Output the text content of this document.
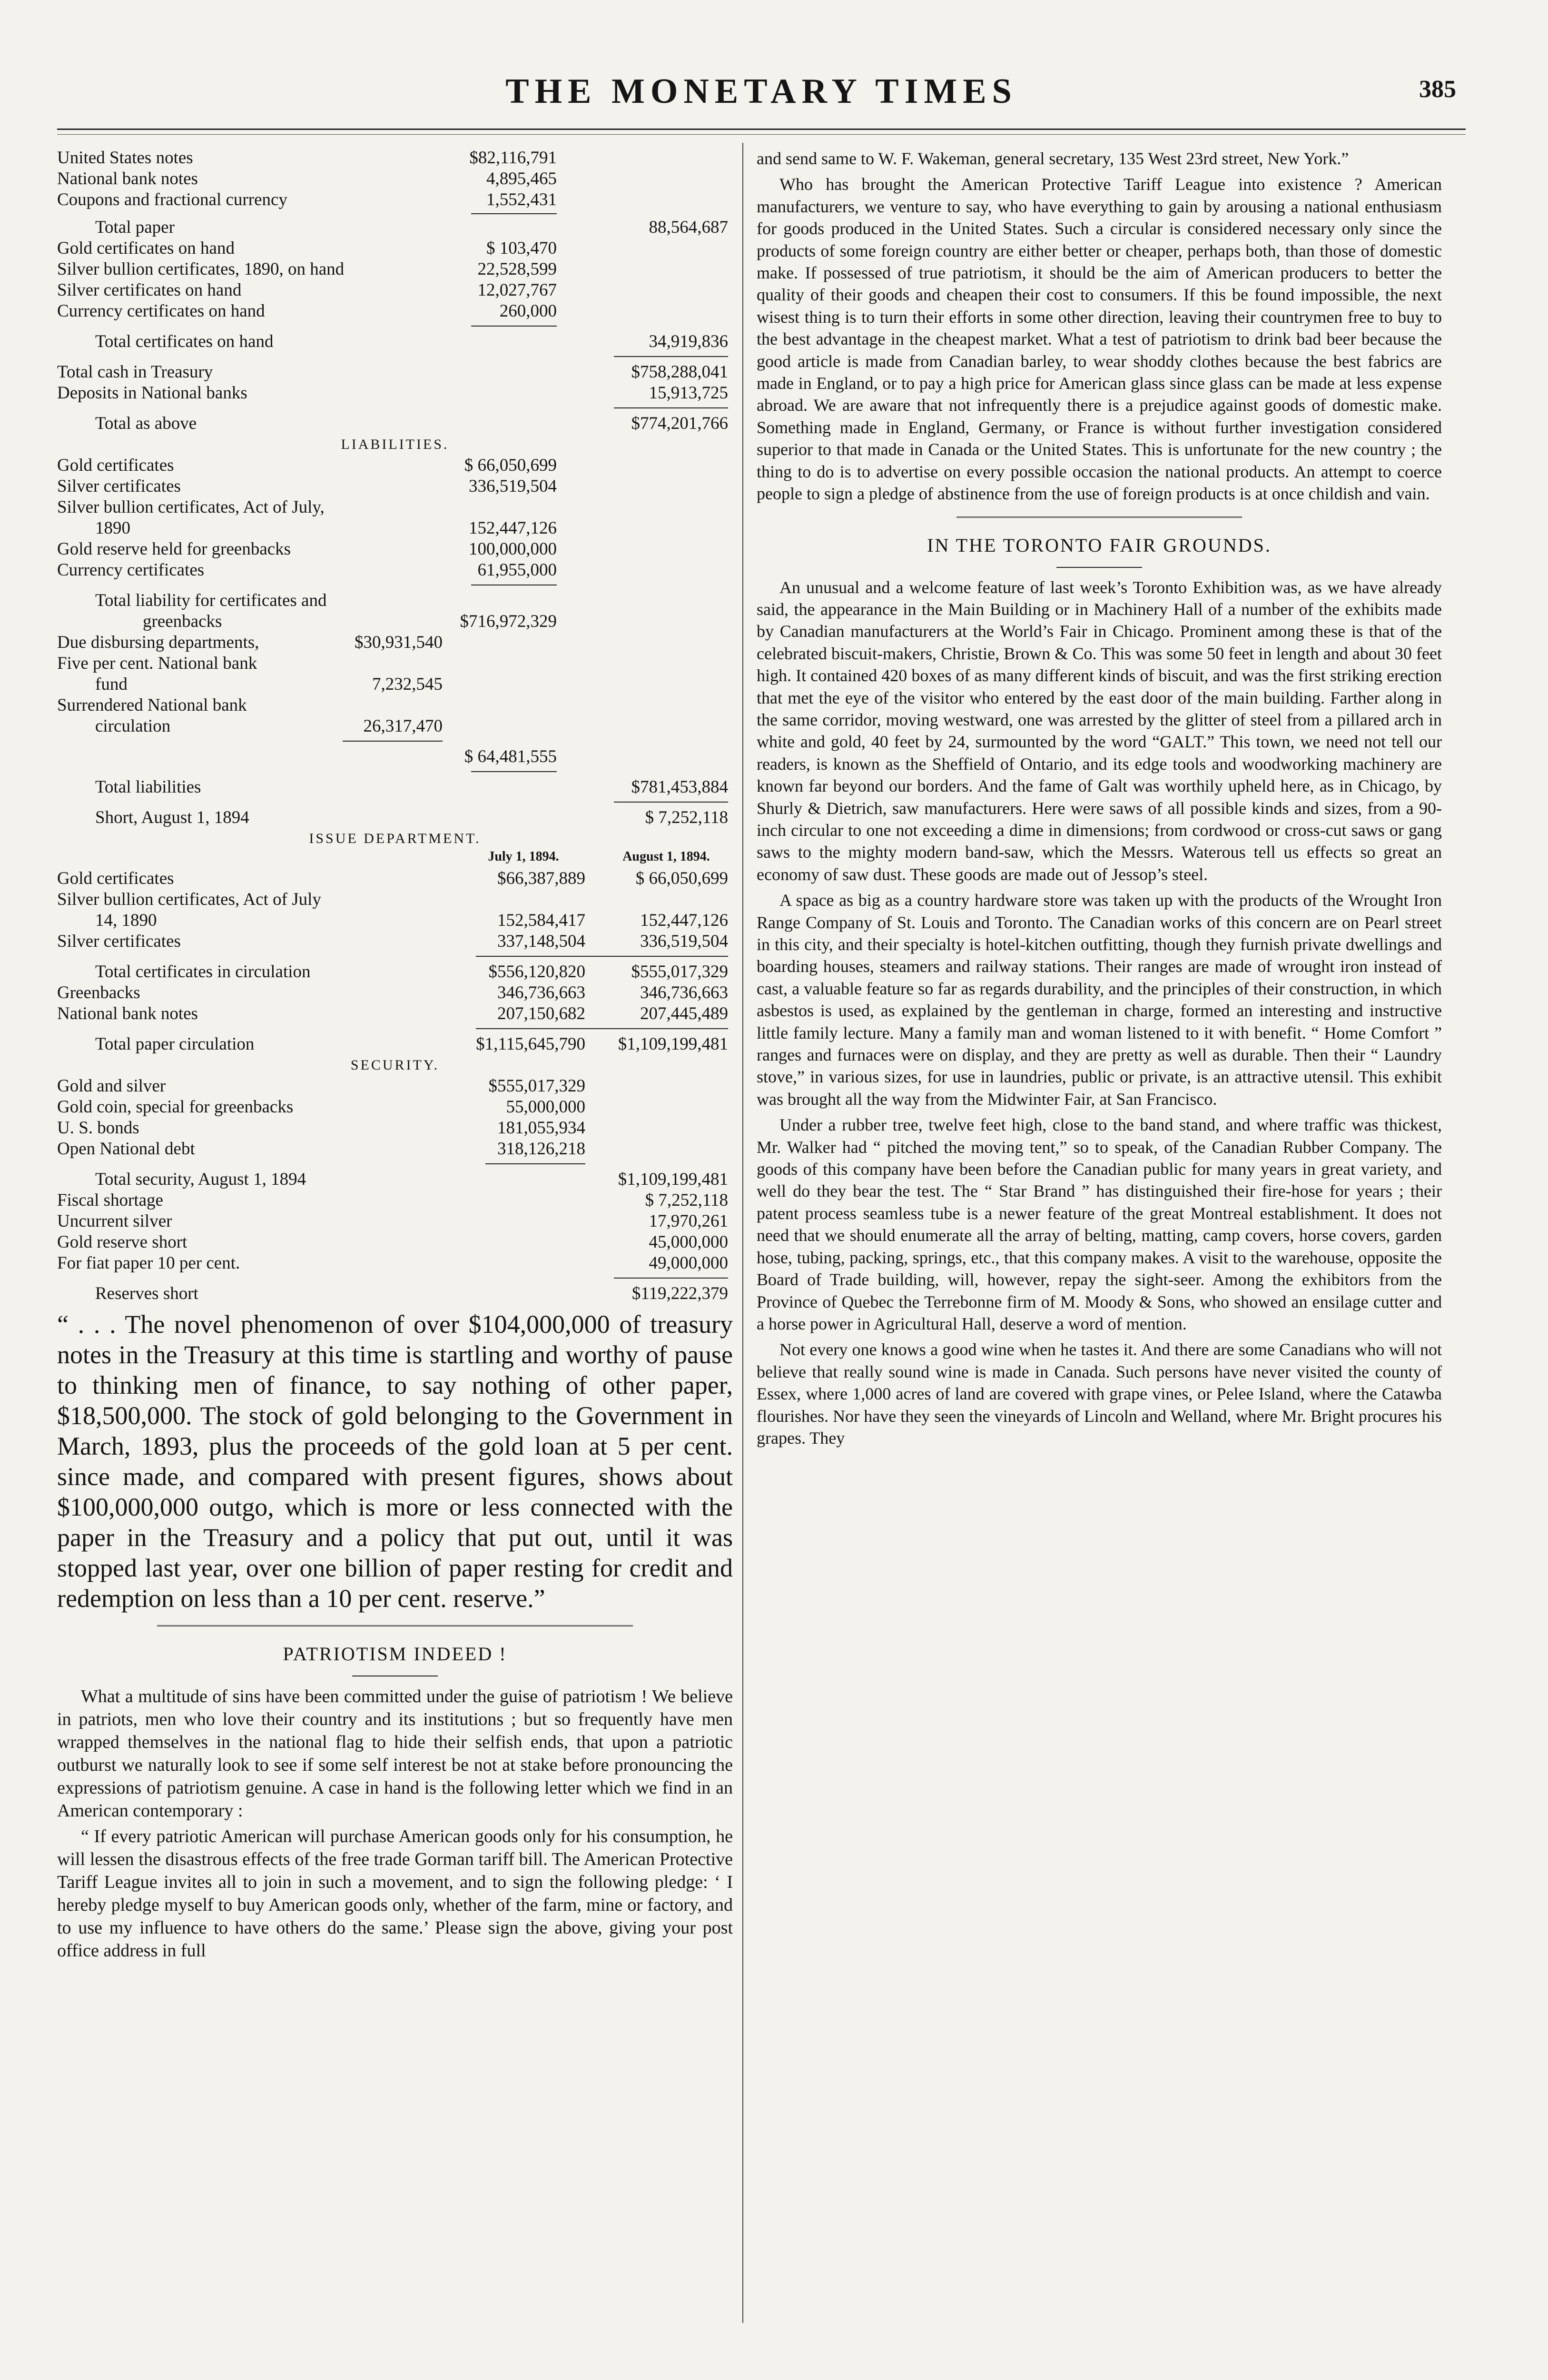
THE MONETARY TIMES	385
United States notes	$82,116,791
National bank notes	4,895,465
Coupons and fractional currency	1,552,431
Total paper	88,564,687
Gold certificates on hand	$ 103,470
Silver bullion certificates, 1890, on hand	22,528,599
Silver certificates on hand	12,027,767
Currency certificates on hand	260,000
Total certificates on hand	34,919,836
Total cash in Treasury	$758,288,041
Deposits in National banks	15,913,725
Total as above	$774,201,766
LIABILITIES.
Gold certificates	$ 66,050,699
Silver certificates	336,519,504
Silver bullion certificates, Act of July,
1890	152,447,126
Gold reserve held for greenbacks	100,000,000
Currency certificates	61,955,000
Total liability for certificates and
greenbacks	$716,972,329
Due disbursing departments,	$30,931,540
Five per cent. National bank
fund	7,232,545
Surrendered National bank
circulation	26,317,470
$ 64,481,555
Total liabilities	$781,453,884
Short, August 1, 1894	$ 7,252,118
ISSUE DEPARTMENT.
July 1, 1894.	August 1, 1894.
Gold certificates	$66,387,889	$ 66,050,699
Silver bullion certificates, Act of July
14, 1890	152,584,417	152,447,126
Silver certificates	337,148,504	336,519,504
Total certificates in circulation	$556,120,820	$555,017,329
Greenbacks	346,736,663	346,736,663
National bank notes	207,150,682	207,445,489
Total paper circulation	$1,115,645,790	$1,109,199,481
SECURITY.
Gold and silver	$555,017,329
Gold coin, special for greenbacks	55,000,000
U. S. bonds	181,055,934
Open National debt	318,126,218
Total security, August 1, 1894	$1,109,199,481
Fiscal shortage	$ 7,252,118
Uncurrent silver	17,970,261
Gold reserve short	45,000,000
For fiat paper 10 per cent.	49,000,000
Reserves short	$119,222,379
“ . . . The novel phenomenon of over $104,000,000 of treasury notes in the Treasury at this time is startling and worthy of pause to thinking men of finance, to say nothing of other paper, $18,500,000. The stock of gold belonging to the Government in March, 1893, plus the proceeds of the gold loan at 5 per cent. since made, and compared with present figures, shows about $100,000,000 outgo, which is more or less connected with the paper in the Treasury and a policy that put out, until it was stopped last year, over one billion of paper resting for credit and redemption on less than a 10 per cent. reserve.”
PATRIOTISM INDEED !

What a multitude of sins have been committed under the guise of patriotism ! We believe in patriots, men who love their country and its institutions ; but so frequently have men wrapped themselves in the national flag to hide their selfish ends, that upon a patriotic outburst we naturally look to see if some self interest be not at stake before pronouncing the expressions of patriotism genuine. A case in hand is the following letter which we find in an American contemporary :

“ If every patriotic American will purchase American goods only for his consumption, he will lessen the disastrous effects of the free trade Gorman tariff bill. The American Protective Tariff League invites all to join in such a movement, and to sign the following pledge: ‘ I hereby pledge myself to buy American goods only, whether of the farm, mine or factory, and to use my influence to have others do the same.’ Please sign the above, giving your post office address in full

and send same to W. F. Wakeman, general secretary, 135 West 23rd street, New York.”

Who has brought the American Protective Tariff League into existence ? American manufacturers, we venture to say, who have everything to gain by arousing a national enthusiasm for goods produced in the United States. Such a circular is considered necessary only since the products of some foreign country are either better or cheaper, perhaps both, than those of domestic make. If possessed of true patriotism, it should be the aim of American producers to better the quality of their goods and cheapen their cost to consumers. If this be found impossible, the next wisest thing is to turn their efforts in some other direction, leaving their countrymen free to buy to the best advantage in the cheapest market. What a test of patriotism to drink bad beer because the good article is made from Canadian barley, to wear shoddy clothes because the best fabrics are made in England, or to pay a high price for American glass since glass can be made at less expense abroad. We are aware that not infrequently there is a prejudice against goods of domestic make. Something made in England, Germany, or France is without further investigation considered superior to that made in Canada or the United States. This is unfortunate for the new country ; the thing to do is to advertise on every possible occasion the national products. An attempt to coerce people to sign a pledge of abstinence from the use of foreign products is at once childish and vain.

IN THE TORONTO FAIR GROUNDS.

An unusual and a welcome feature of last week’s Toronto Exhibition was, as we have already said, the appearance in the Main Building or in Machinery Hall of a number of the exhibits made by Canadian manufacturers at the World’s Fair in Chicago. Prominent among these is that of the celebrated biscuit-makers, Christie, Brown & Co. This was some 50 feet in length and about 30 feet high. It contained 420 boxes of as many different kinds of biscuit, and was the first striking erection that met the eye of the visitor who entered by the east door of the main building. Farther along in the same corridor, moving westward, one was arrested by the glitter of steel from a pillared arch in white and gold, 40 feet by 24, surmounted by the word “GALT.” This town, we need not tell our readers, is known as the Sheffield of Ontario, and its edge tools and woodworking machinery are known far beyond our borders. And the fame of Galt was worthily upheld here, as in Chicago, by Shurly & Dietrich, saw manufacturers. Here were saws of all possible kinds and sizes, from a 90-inch circular to one not exceeding a dime in dimensions; from cordwood or cross-cut saws or gang saws to the mighty modern band-saw, which the Messrs. Waterous tell us effects so great an economy of saw dust. These goods are made out of Jessop’s steel.

A space as big as a country hardware store was taken up with the products of the Wrought Iron Range Company of St. Louis and Toronto. The Canadian works of this concern are on Pearl street in this city, and their specialty is hotel-kitchen outfitting, though they furnish private dwellings and boarding houses, steamers and railway stations. Their ranges are made of wrought iron instead of cast, a valuable feature so far as regards durability, and the principles of their construction, in which asbestos is used, as explained by the gentleman in charge, formed an interesting and instructive little family lecture. Many a family man and woman listened to it with benefit. “ Home Comfort ” ranges and furnaces were on display, and they are pretty as well as durable. Then their “ Laundry stove,” in various sizes, for use in laundries, public or private, is an attractive utensil. This exhibit was brought all the way from the Midwinter Fair, at San Francisco.

Under a rubber tree, twelve feet high, close to the band stand, and where traffic was thickest, Mr. Walker had “ pitched the moving tent,” so to speak, of the Canadian Rubber Company. The goods of this company have been before the Canadian public for many years in great variety, and well do they bear the test. The “ Star Brand ” has distinguished their fire-hose for years ; their patent process seamless tube is a newer feature of the great Montreal establishment. It does not need that we should enumerate all the array of belting, matting, camp covers, horse covers, garden hose, tubing, packing, springs, etc., that this company makes. A visit to the warehouse, opposite the Board of Trade building, will, however, repay the sight-seer. Among the exhibitors from the Province of Quebec the Terrebonne firm of M. Moody & Sons, who showed an ensilage cutter and a horse power in Agricultural Hall, deserve a word of mention.

Not every one knows a good wine when he tastes it. And there are some Canadians who will not believe that really sound wine is made in Canada. Such persons have never visited the county of Essex, where 1,000 acres of land are covered with grape vines, or Pelee Island, where the Catawba flourishes. Nor have they seen the vineyards of Lincoln and Welland, where Mr. Bright procures his grapes. They
